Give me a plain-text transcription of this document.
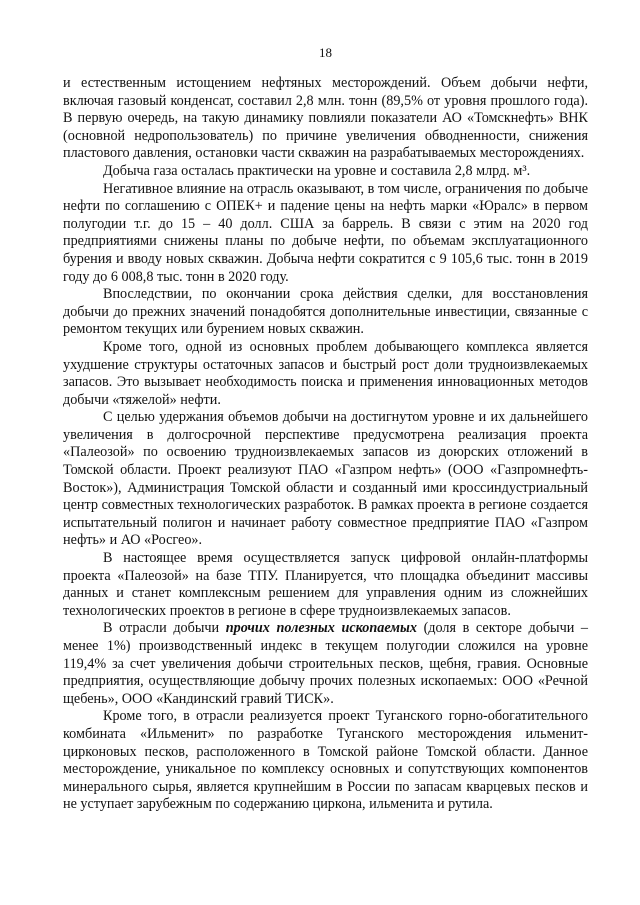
18

и естественным истощением нефтяных месторождений. Объем добычи нефти, включая газовый конденсат, составил 2,8 млн. тонн (89,5% от уровня прошлого года). В первую очередь, на такую динамику повлияли показатели АО «Томскнефть» ВНК (основной недропользователь) по причине увеличения обводненности, снижения пластового давления, остановки части скважин на разрабатываемых месторождениях.

Добыча газа осталась практически на уровне и составила 2,8 млрд. м³.

Негативное влияние на отрасль оказывают, в том числе, ограничения по добыче нефти по соглашению с ОПЕК+ и падение цены на нефть марки «Юралс» в первом полугодии т.г. до 15 – 40 долл. США за баррель. В связи с этим на 2020 год предприятиями снижены планы по добыче нефти, по объемам эксплуатационного бурения и вводу новых скважин. Добыча нефти сократится с 9 105,6 тыс. тонн в 2019 году до 6 008,8 тыс. тонн в 2020 году.

Впоследствии, по окончании срока действия сделки, для восстановления добычи до прежних значений понадобятся дополнительные инвестиции, связанные с ремонтом текущих или бурением новых скважин.

Кроме того, одной из основных проблем добывающего комплекса является ухудшение структуры остаточных запасов и быстрый рост доли трудноизвлекаемых запасов. Это вызывает необходимость поиска и применения инновационных методов добычи «тяжелой» нефти.

С целью удержания объемов добычи на достигнутом уровне и их дальнейшего увеличения в долгосрочной перспективе предусмотрена реализация проекта «Палеозой» по освоению трудноизвлекаемых запасов из доюрских отложений в Томской области. Проект реализуют ПАО «Газпром нефть» (ООО «Газпромнефть-Восток»), Администрация Томской области и созданный ими кроссиндустриальный центр совместных технологических разработок. В рамках проекта в регионе создается испытательный полигон и начинает работу совместное предприятие ПАО «Газпром нефть» и АО «Росгео».

В настоящее время осуществляется запуск цифровой онлайн-платформы проекта «Палеозой» на базе ТПУ. Планируется, что площадка объединит массивы данных и станет комплексным решением для управления одним из сложнейших технологических проектов в регионе в сфере трудноизвлекаемых запасов.

В отрасли добычи прочих полезных ископаемых (доля в секторе добычи – менее 1%) производственный индекс в текущем полугодии сложился на уровне 119,4% за счет увеличения добычи строительных песков, щебня, гравия. Основные предприятия, осуществляющие добычу прочих полезных ископаемых: ООО «Речной щебень», ООО «Кандинский гравий ТИСК».

Кроме того, в отрасли реализуется проект Туганского горно-обогатительного комбината «Ильменит» по разработке Туганского месторождения ильменит-цирконовых песков, расположенного в Томской районе Томской области. Данное месторождение, уникальное по комплексу основных и сопутствующих компонентов минерального сырья, является крупнейшим в России по запасам кварцевых песков и не уступает зарубежным по содержанию циркона, ильменита и рутила.
